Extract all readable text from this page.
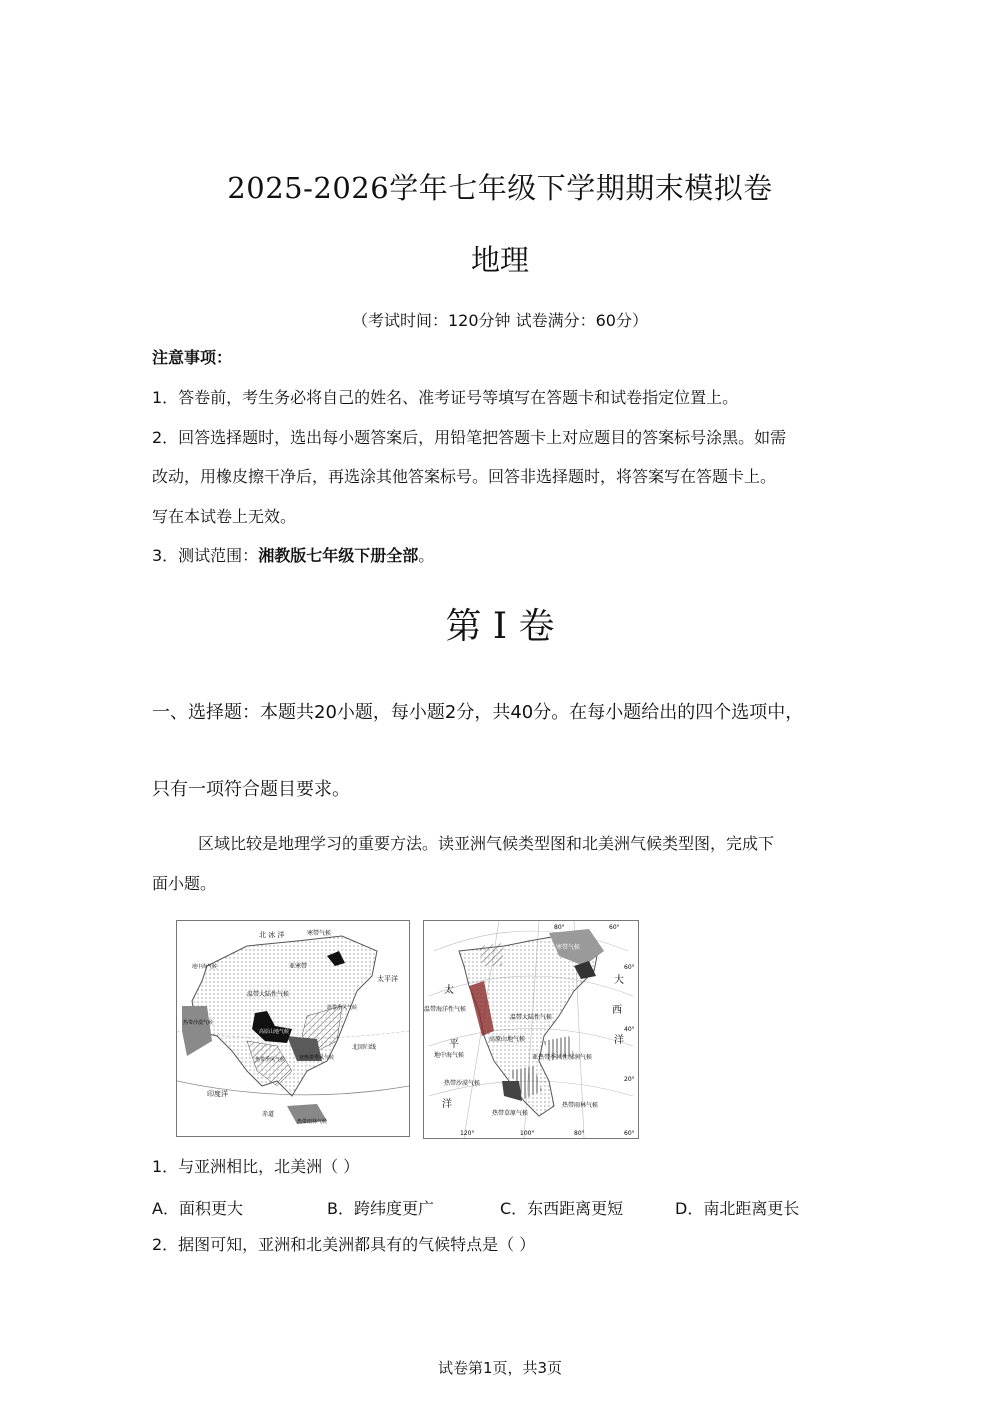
2025-2026学年七年级下学期期末模拟卷
地理
（考试时间：120分钟 试卷满分：60分）
注意事项：
1．答卷前，考生务必将自己的姓名、准考证号等填写在答题卡和试卷指定位置上。
2．回答选择题时，选出每小题答案后，用铅笔把答题卡上对应题目的答案标号涂黑。如需
改动，用橡皮擦干净后，再选涂其他答案标号。回答非选择题时，将答案写在答题卡上。
写在本试卷上无效。
3．测试范围：湘教版七年级下册全部。
第 I 卷
一、选择题：本题共20小题，每小题2分，共40分。在每小题给出的四个选项中，
只有一项符合题目要求。
区域比较是地理学习的重要方法。读亚洲气候类型图和北美洲气候类型图，完成下
面小题。
北 冰 洋	寒带气候
亚寒带
地中海气候
温带大陆性气候
温带季风气候
热带沙漠气候
高原山地气候
亚热带季风气候
热带季风气候
太平洋
印度洋
赤道
热带雨林气候
北回归线
80°	60°
寒带气候
太
平
洋
大
西
洋
温带海洋性气候
温带大陆性气候
高原山地气候
地中海气候	亚热带季风性湿润气候
热带沙漠气候
热带草原气候
热带雨林气候
120°	100°	80°	60°
20°
40°
60°
1．与亚洲相比，北美洲（ ）
A．面积更大	B．跨纬度更广	C．东西距离更短	D．南北距离更长
2．据图可知，亚洲和北美洲都具有的气候特点是（ ）
试卷第1页，共3页
